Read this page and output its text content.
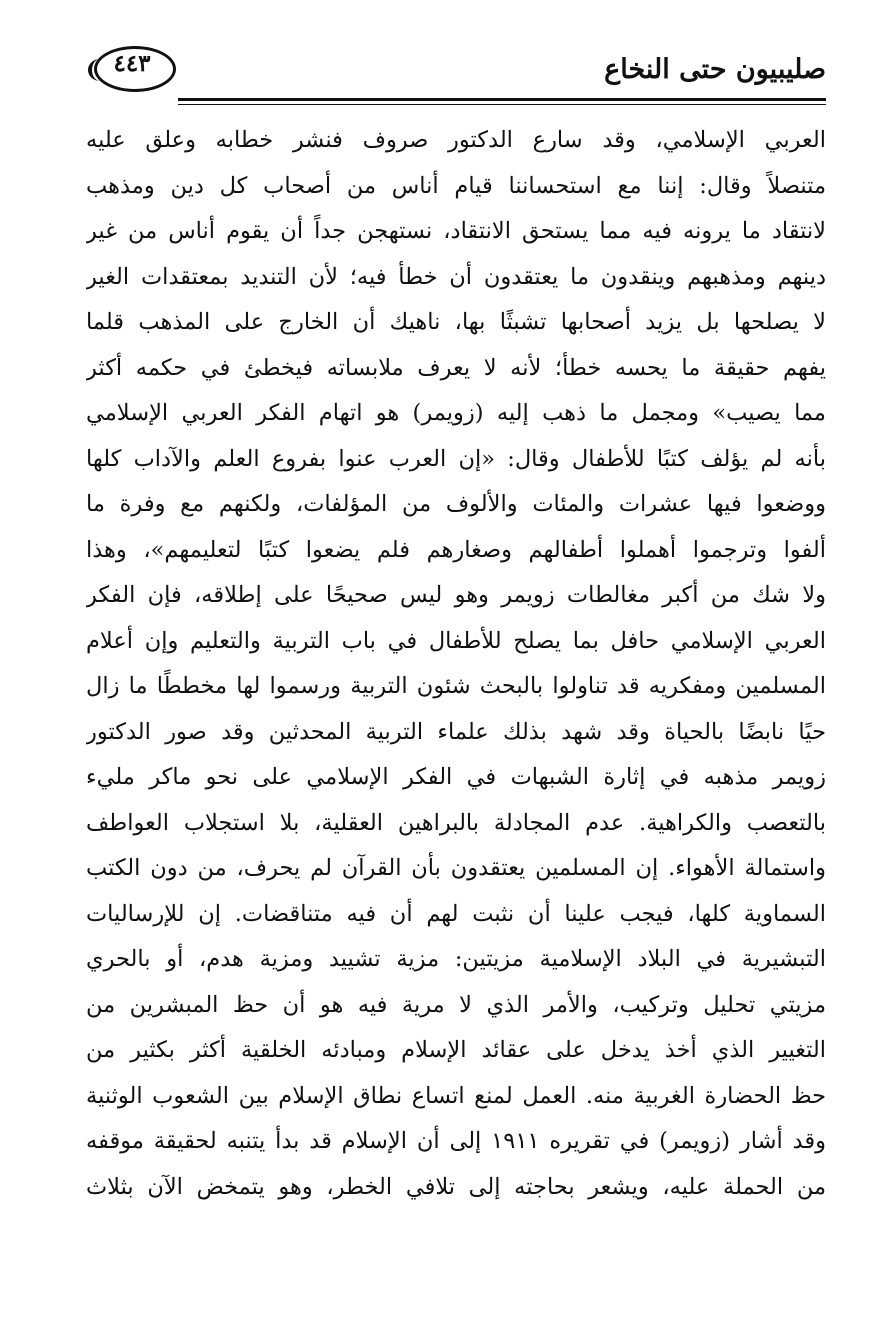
صليبيون حتى النخاع
٤٤٣
العربي الإسلامي، وقد سارع الدكتور صروف فنشر خطابه وعلق عليه
متنصلاً وقال: إننا مع استحساننا قيام أناس من أصحاب كل دين ومذهب
لانتقاد ما يرونه فيه مما يستحق الانتقاد، نستهجن جداً أن يقوم أناس من غير
دينهم ومذهبهم وينقدون ما يعتقدون أن خطأ فيه؛ لأن التنديد بمعتقدات الغير
لا يصلحها بل يزيد أصحابها تشبثًا بها، ناهيك أن الخارج على المذهب قلما
يفهم حقيقة ما يحسه خطأ؛ لأنه لا يعرف ملابساته فيخطئ في حكمه أكثر
مما يصيب» ومجمل ما ذهب إليه (زويمر) هو اتهام الفكر العربي الإسلامي
بأنه لم يؤلف كتبًا للأطفال وقال: «إن العرب عنوا بفروع العلم والآداب كلها
ووضعوا فيها عشرات والمئات والألوف من المؤلفات، ولكنهم مع وفرة ما
ألفوا وترجموا أهملوا أطفالهم وصغارهم فلم يضعوا كتبًا لتعليمهم»، وهذا
ولا شك من أكبر مغالطات زويمر وهو ليس صحيحًا على إطلاقه، فإن الفكر
العربي الإسلامي حافل بما يصلح للأطفال في باب التربية والتعليم وإن أعلام
المسلمين ومفكريه قد تناولوا بالبحث شئون التربية ورسموا لها مخططًا ما زال
حيًا نابضًا بالحياة وقد شهد بذلك علماء التربية المحدثين وقد صور الدكتور
زويمر مذهبه في إثارة الشبهات في الفكر الإسلامي على نحو ماكر مليء
بالتعصب والكراهية. عدم المجادلة بالبراهين العقلية، بلا استجلاب العواطف
واستمالة الأهواء. إن المسلمين يعتقدون بأن القرآن لم يحرف، من دون الكتب
السماوية كلها، فيجب علينا أن نثبت لهم أن فيه متناقضات. إن للإرساليات
التبشيرية في البلاد الإسلامية مزيتين: مزية تشييد ومزية هدم، أو بالحري
مزيتي تحليل وتركيب، والأمر الذي لا مرية فيه هو أن حظ المبشرين من
التغيير الذي أخذ يدخل على عقائد الإسلام ومبادئه الخلقية أكثر بكثير من
حظ الحضارة الغربية منه. العمل لمنع اتساع نطاق الإسلام بين الشعوب الوثنية
وقد أشار (زويمر) في تقريره ١٩١١ إلى أن الإسلام قد بدأ يتنبه لحقيقة موقفه
من الحملة عليه، ويشعر بحاجته إلى تلافي الخطر، وهو يتمخض الآن بثلاث
